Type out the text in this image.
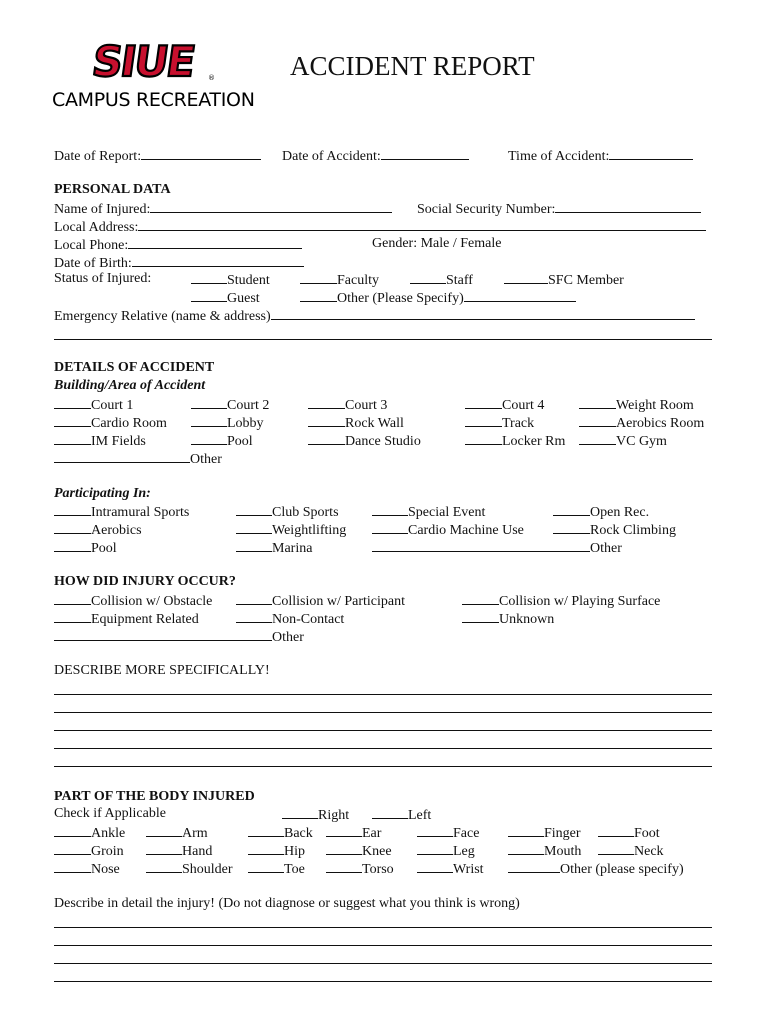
SIUE ®
CAMPUS RECREATION
ACCIDENT REPORT
Date of Report:	Date of Accident:	Time of Accident:
PERSONAL DATA
Name of Injured:	Social Security Number:
Local Address:
Local Phone:	Gender: Male / Female
Date of Birth:
Status of Injured:	Student	Faculty	Staff	SFC Member
Guest	Other (Please Specify)
Emergency Relative (name & address)
DETAILS OF ACCIDENT
Building/Area of Accident
Court 1	Court 2	Court 3	Court 4	Weight Room
Cardio Room	Lobby	Rock Wall	Track	Aerobics Room
IM Fields	Pool	Dance Studio	Locker Rm	VC Gym
Other
Participating In:
Intramural Sports	Club Sports	Special Event	Open Rec.
Aerobics	Weightlifting	Cardio Machine Use	Rock Climbing
Pool	Marina	Other
HOW DID INJURY OCCUR?
Collision w/ Obstacle	Collision w/ Participant	Collision w/ Playing Surface
Equipment Related	Non-Contact	Unknown
Other
DESCRIBE MORE SPECIFICALLY!
PART OF THE BODY INJURED
Check if Applicable	Right	Left
Ankle	Arm	Back	Ear	Face	Finger	Foot
Groin	Hand	Hip	Knee	Leg	Mouth	Neck
Nose	Shoulder	Toe	Torso	Wrist	Other (please specify)
Describe in detail the injury! (Do not diagnose or suggest what you think is wrong)
